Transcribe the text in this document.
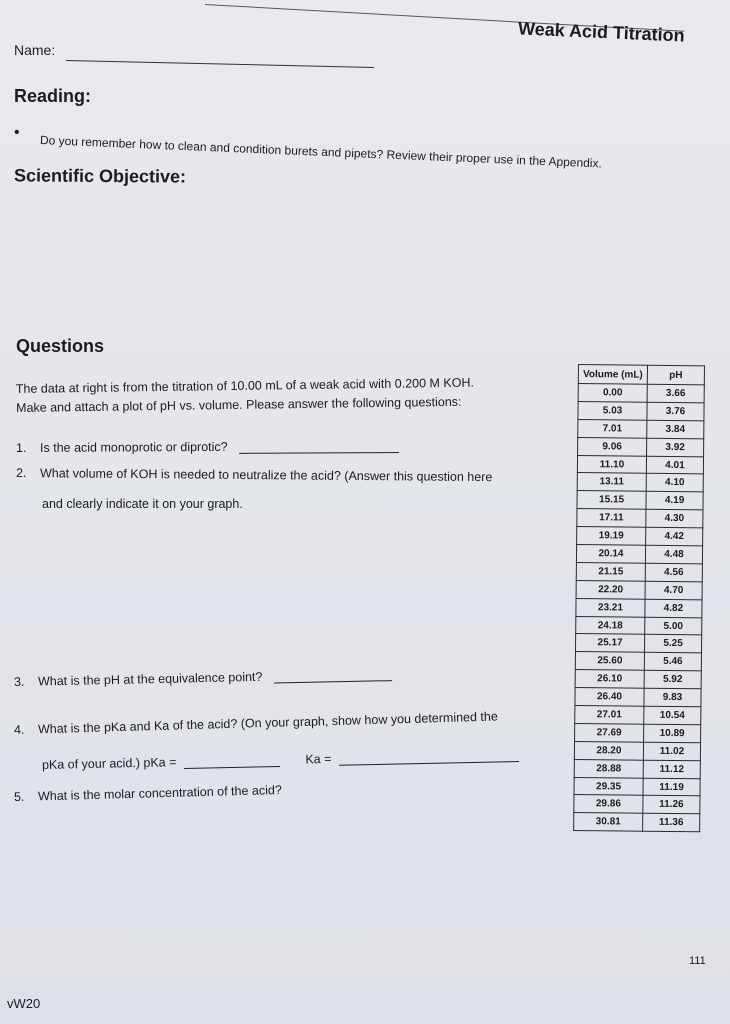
Weak Acid Titration
Name:
Reading:
•
Do you remember how to clean and condition burets and pipets? Review their proper use in the Appendix.
Scientific Objective:
Questions
The data at right is from the titration of 10.00 mL of a weak acid with 0.200 M KOH.
Make and attach a plot of pH vs. volume. Please answer the following questions:
1. Is the acid monoprotic or diprotic?
2. What volume of KOH is needed to neutralize the acid? (Answer this question here
and clearly indicate it on your graph.
3. What is the pH at the equivalence point?
4. What is the pKa and Ka of the acid? (On your graph, show how you determined the
pKa of your acid.) pKa =	Ka =
5. What is the molar concentration of the acid?
Volume (mL)	pH
0.00	3.66
5.03	3.76
7.01	3.84
9.06	3.92
11.10	4.01
13.11	4.10
15.15	4.19
17.11	4.30
19.19	4.42
20.14	4.48
21.15	4.56
22.20	4.70
23.21	4.82
24.18	5.00
25.17	5.25
25.60	5.46
26.10	5.92
26.40	9.83
27.01	10.54
27.69	10.89
28.20	11.02
28.88	11.12
29.35	11.19
29.86	11.26
30.81	11.36
111
vW20
